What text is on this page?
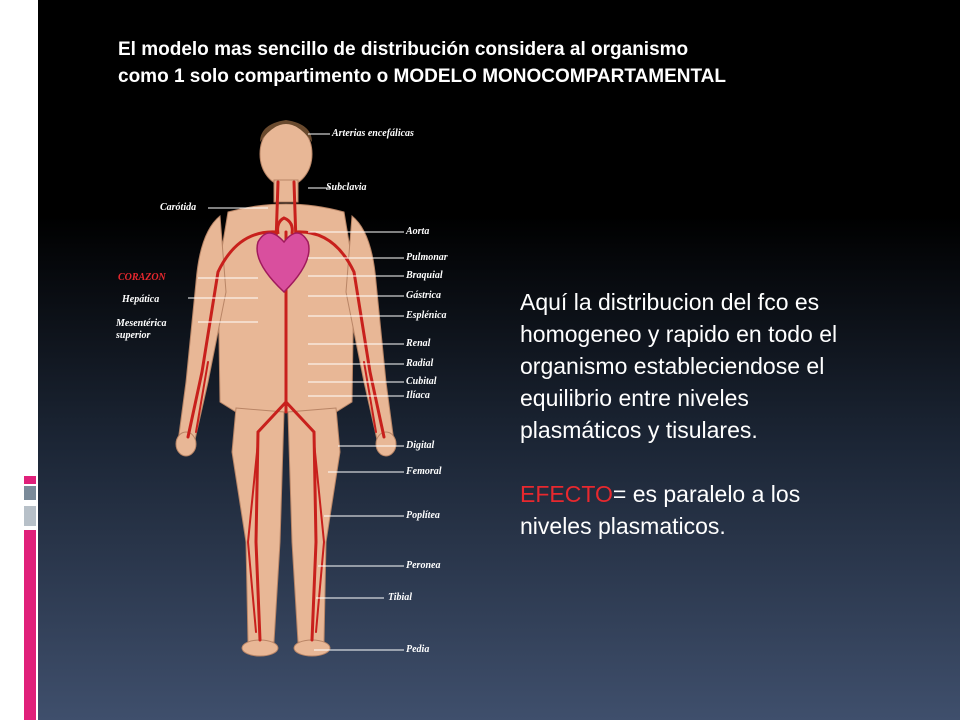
El modelo mas sencillo de distribución considera al organismo
como 1 solo compartimento o MODELO MONOCOMPARTAMENTAL
Carótida
CORAZON
Hepática
Mesentérica
superior
Arterias encefálicas
Subclavia
Aorta
Pulmonar
Braquial
Gástrica
Esplénica
Renal
Radial
Cubital
Ilíaca
Digital
Femoral
Poplítea
Peronea
Tibial
Pedia

Aquí la distribucion del fco es

homogeneo y rapido en todo el

organismo estableciendose el

equilibrio entre niveles

plasmáticos y tisulares.

EFECTO= es paralelo a los

niveles plasmaticos.
